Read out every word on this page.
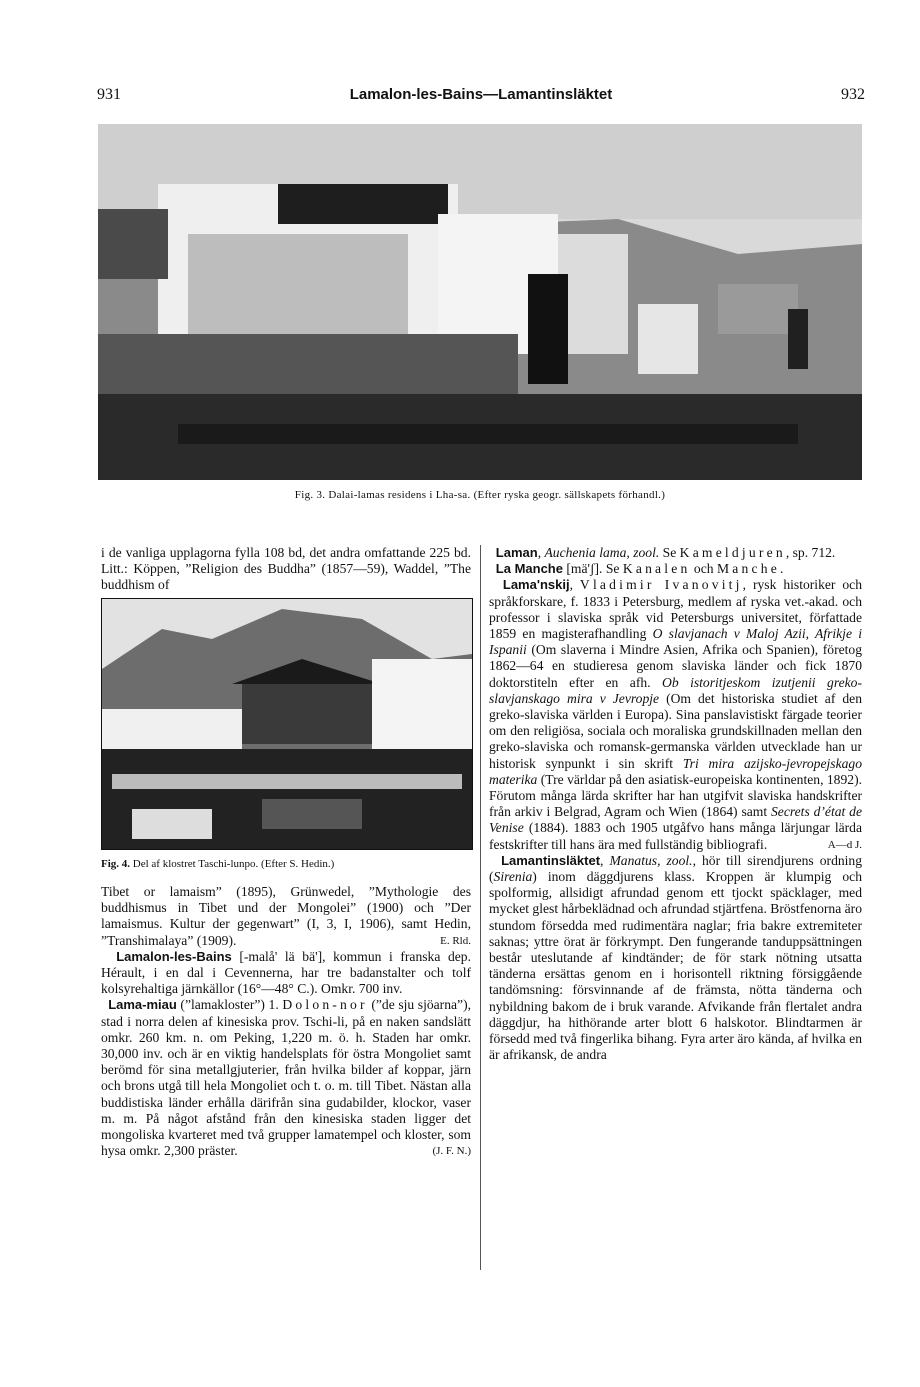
931	Lamalon-les-Bains—Lamantinsläktet	932
Fig. 3. Dalai-lamas residens i Lha-sa. (Efter ryska geogr. sällskapets förhandl.)

i de vanliga upplagorna fylla 108 bd, det andra omfattande 225 bd. Litt.: Köppen, ”Religion des Buddha” (1857—59), Waddel, ”The buddhism of

Fig. 4. Del af klostret Taschi-lunpo. (Efter S. Hedin.)

Tibet or lamaism” (1895), Grünwedel, ”Mythologie des buddhismus in Tibet und der Mongolei” (1900) och ”Der lamaismus. Kultur der gegenwart” (I, 3, I, 1906), samt Hedin, ”Transhimalaya” (1909).	E. Rld.

Lamalon-les-Bains [-malå' lä bä'], kommun i franska dep. Hérault, i en dal i Cevennerna, har tre badanstalter och tolf kolsyrehaltiga järnkällor (16°—48° C.). Omkr. 700 inv.

Lama-miau (”lamakloster”) 1. Dolon-nor (”de sju sjöarna”), stad i norra delen af kinesiska prov. Tschi-li, på en naken sandslätt omkr. 260 km. n. om Peking, 1,220 m. ö. h. Staden har omkr. 30,000 inv. och är en viktig handelsplats för östra Mongoliet samt berömd för sina metallgjuterier, från hvilka bilder af koppar, järn och brons utgå till hela Mongoliet och t. o. m. till Tibet. Nästan alla buddistiska länder erhålla därifrån sina gudabilder, klockor, vaser m. m. På något afstånd från den kinesiska staden ligger det mongoliska kvarteret med två grupper lamatempel och kloster, som hysa omkr. 2,300 präster.	(J. F. N.)

Laman, Auchenia lama, zool. Se Kameldjuren, sp. 712.

La Manche [mä'ʃ]. Se Kanalen och Manche.

Lama'nskij, Vladimir Ivanovitj, rysk historiker och språkforskare, f. 1833 i Petersburg, medlem af ryska vet.-akad. och professor i slaviska språk vid Petersburgs universitet, författade 1859 en magisterafhandling O slavjanach v Maloj Azii, Afrikje i Ispanii (Om slaverna i Mindre Asien, Afrika och Spanien), företog 1862—64 en studieresa genom slaviska länder och fick 1870 doktorstiteln efter en afh. Ob istoritjeskom izutjenii greko-slavjanskago mira v Jevropje (Om det historiska studiet af den greko-slaviska världen i Europa). Sina panslavistiskt färgade teorier om den religiösa, sociala och moraliska grundskillnaden mellan den greko-slaviska och romansk-germanska världen utvecklade han ur historisk synpunkt i sin skrift Tri mira azijsko-jevropejskago materika (Tre världar på den asiatisk-europeiska kontinenten, 1892). Förutom många lärda skrifter har han utgifvit slaviska handskrifter från arkiv i Belgrad, Agram och Wien (1864) samt Secrets d’état de Venise (1884). 1883 och 1905 utgåfvo hans många lärjungar lärda festskrifter till hans ära med fullständig bibliografi.	A—d J.

Lamantinsläktet, Manatus, zool., hör till sirendjurens ordning (Sirenia) inom däggdjurens klass. Kroppen är klumpig och spolformig, allsidigt afrundad genom ett tjockt späcklager, med mycket glest hårbeklädnad och afrundad stjärtfena. Bröstfenorna äro stundom försedda med rudimentära naglar; fria bakre extremiteter saknas; yttre örat är förkrympt. Den fungerande tanduppsättningen består uteslutande af kindtänder; de för stark nötning utsatta tänderna ersättas genom en i horisontell riktning försiggående tandömsning: försvinnande af de främsta, nötta tänderna och nybildning bakom de i bruk varande. Afvikande från flertalet andra däggdjur, ha hithörande arter blott 6 halskotor. Blindtarmen är försedd med två fingerlika bihang. Fyra arter äro kända, af hvilka en är afrikansk, de andra
